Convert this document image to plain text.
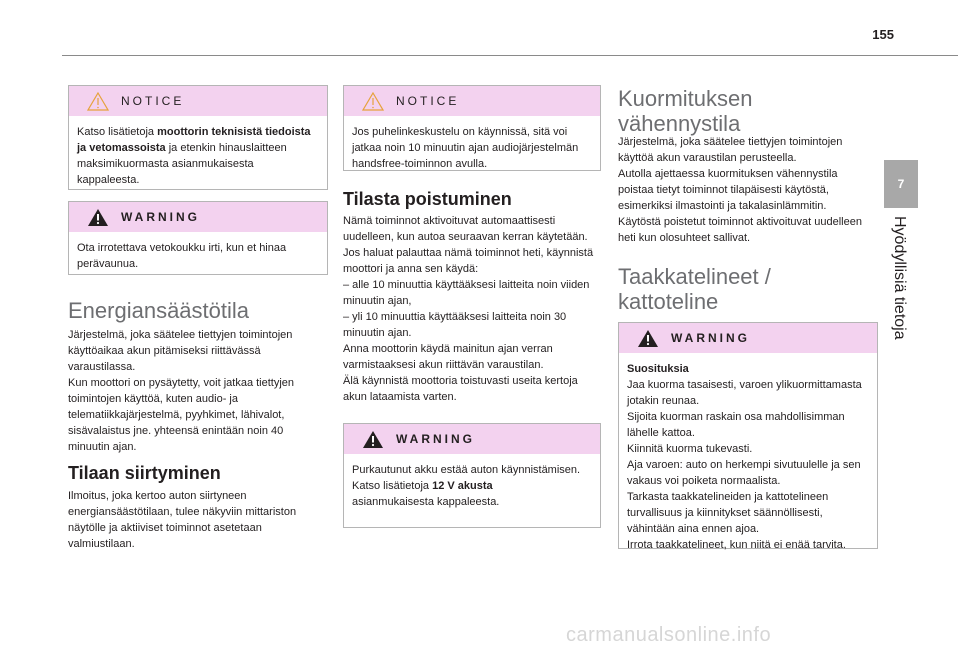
155
7
Hyödyllisiä tietoja
NOTICE
Katso lisätietoja moottorin teknisistä tiedoista ja vetomassoista ja etenkin hinauslaitteen maksimikuormasta asianmukaisesta kappaleesta.
WARNING
Ota irrotettava vetokoukku irti, kun et hinaa perävaunua.
Energiansäästötila

Järjestelmä, joka säätelee tiettyjen toimintojen käyttöaikaa akun pitämiseksi riittävässä varaustilassa.
Kun moottori on pysäytetty, voit jatkaa tiettyjen toimintojen käyttöä, kuten audio- ja telematiikkajärjestelmä, pyyhkimet, lähivalot, sisävalaistus jne. yhteensä enintään noin 40 minuutin ajan.

Tilaan siirtyminen

Ilmoitus, joka kertoo auton siirtyneen energiansäästötilaan, tulee näkyviin mittariston näytölle ja aktiiviset toiminnot asetetaan valmiustilaan.

NOTICE
Jos puhelinkeskustelu on käynnissä, sitä voi jatkaa noin 10 minuutin ajan audiojärjestelmän handsfree-toiminnon avulla.
Tilasta poistuminen

Nämä toiminnot aktivoituvat automaattisesti uudelleen, kun autoa seuraavan kerran käytetään.
Jos haluat palauttaa nämä toiminnot heti, käynnistä moottori ja anna sen käydä:
– alle 10 minuuttia käyttääksesi laitteita noin viiden minuutin ajan,
– yli 10 minuuttia käyttääksesi laitteita noin 30 minuutin ajan.
Anna moottorin käydä mainitun ajan verran varmistaaksesi akun riittävän varaustilan.
Älä käynnistä moottoria toistuvasti useita kertoja akun lataamista varten.

WARNING
Purkautunut akku estää auton käynnistämisen.
Katso lisätietoja 12 V akusta
asianmukaisesta kappaleesta.
Kuormituksen vähennystila

Järjestelmä, joka säätelee tiettyjen toimintojen käyttöä akun varaustilan perusteella.
Autolla ajettaessa kuormituksen vähennystila poistaa tietyt toiminnot tilapäisesti käytöstä, esimerkiksi ilmastointi ja takalasinlämmitin.
Käytöstä poistetut toiminnot aktivoituvat uudelleen heti kun olosuhteet sallivat.

Taakkatelineet / kattoteline
WARNING
Suosituksia
Jaa kuorma tasaisesti, varoen ylikuormittamasta jotakin reunaa.
Sijoita kuorman raskain osa mahdollisimman lähelle kattoa.
Kiinnitä kuorma tukevasti.
Aja varoen: auto on herkempi sivutuulelle ja sen vakaus voi poiketa normaalista.
Tarkasta taakkatelineiden ja kattotelineen turvallisuus ja kiinnitykset säännöllisesti, vähintään aina ennen ajoa.
Irrota taakkatelineet, kun niitä ei enää tarvita.
carmanualsonline.info
